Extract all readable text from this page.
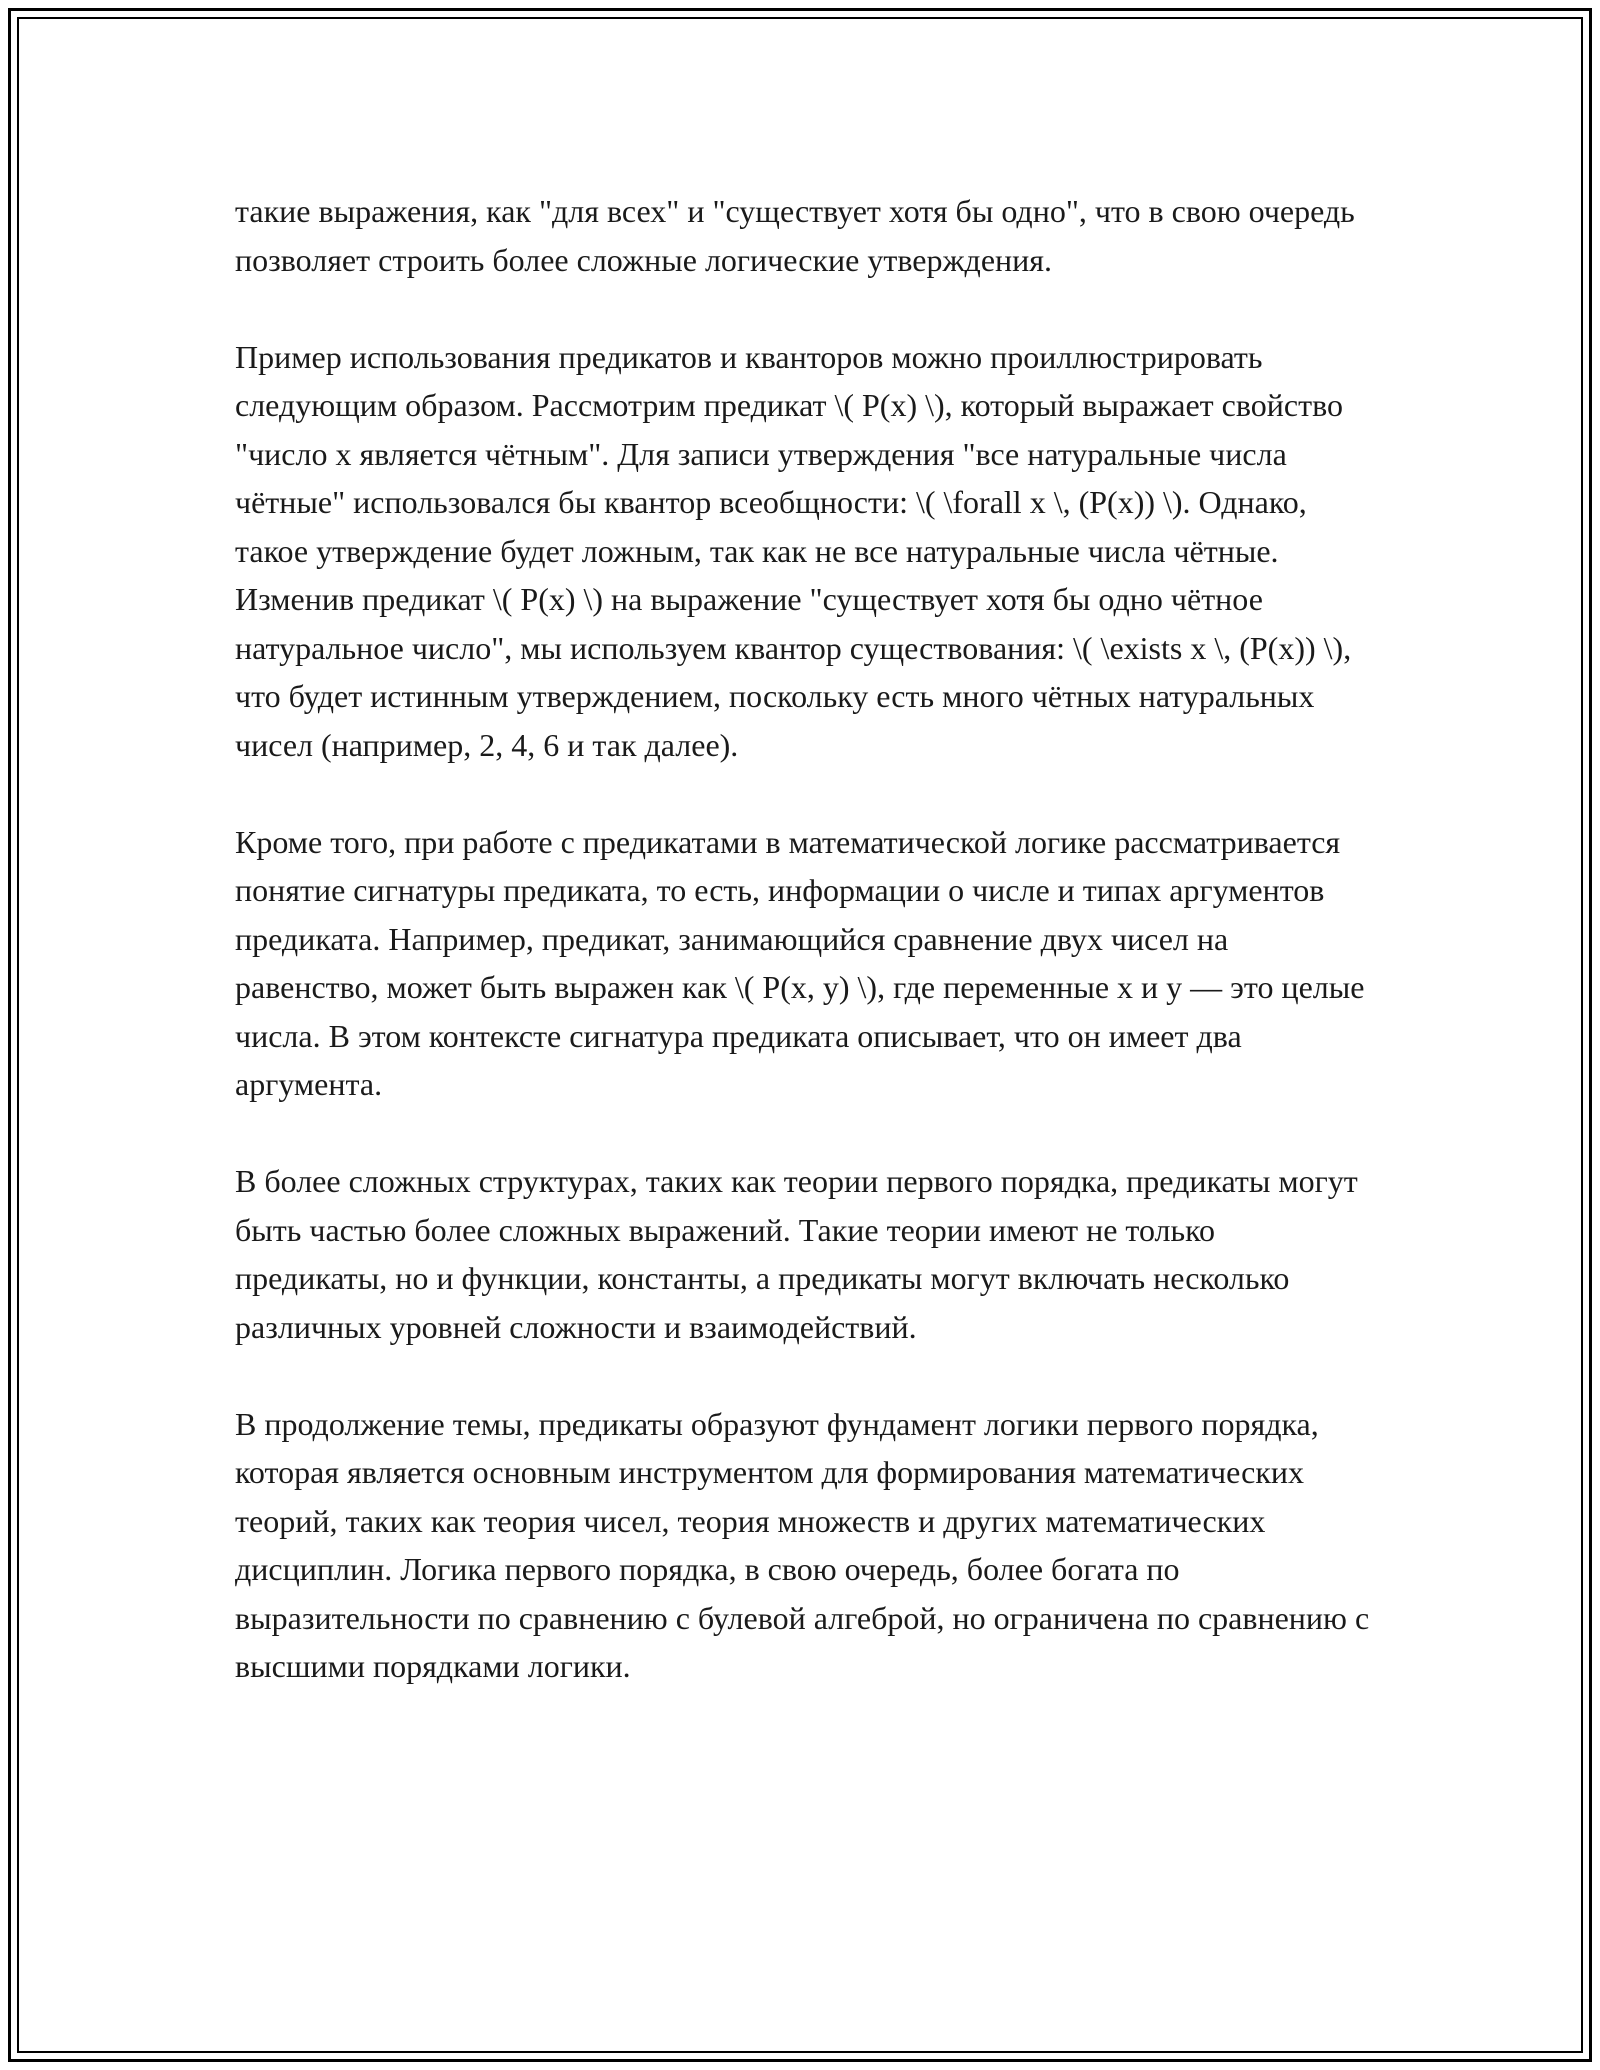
такие выражения, как "для всех" и "существует хотя бы одно", что в свою очередь позволяет строить более сложные логические утверждения.

Пример использования предикатов и кванторов можно проиллюстрировать следующим образом. Рассмотрим предикат \( P(x) \), который выражает свойство "число x является чётным". Для записи утверждения "все натуральные числа чётные" использовался бы квантор всеобщности: \( \forall x \, (P(x)) \). Однако, такое утверждение будет ложным, так как не все натуральные числа чётные. Изменив предикат \( P(x) \) на выражение "существует хотя бы одно чётное натуральное число", мы используем квантор существования: \( \exists x \, (P(x)) \), что будет истинным утверждением, поскольку есть много чётных натуральных чисел (например, 2, 4, 6 и так далее).

Кроме того, при работе с предикатами в математической логике рассматривается понятие сигнатуры предиката, то есть, информации о числе и типах аргументов предиката. Например, предикат, занимающийся сравнение двух чисел на равенство, может быть выражен как \( P(x, y) \), где переменные x и y — это целые числа. В этом контексте сигнатура предиката описывает, что он имеет два аргумента.

В более сложных структурах, таких как теории первого порядка, предикаты могут быть частью более сложных выражений. Такие теории имеют не только предикаты, но и функции, константы, а предикаты могут включать несколько различных уровней сложности и взаимодействий.

В продолжение темы, предикаты образуют фундамент логики первого порядка, которая является основным инструментом для формирования математических теорий, таких как теория чисел, теория множеств и других математических дисциплин. Логика первого порядка, в свою очередь, более богата по выразительности по сравнению с булевой алгеброй, но ограничена по сравнению с высшими порядками логики.
